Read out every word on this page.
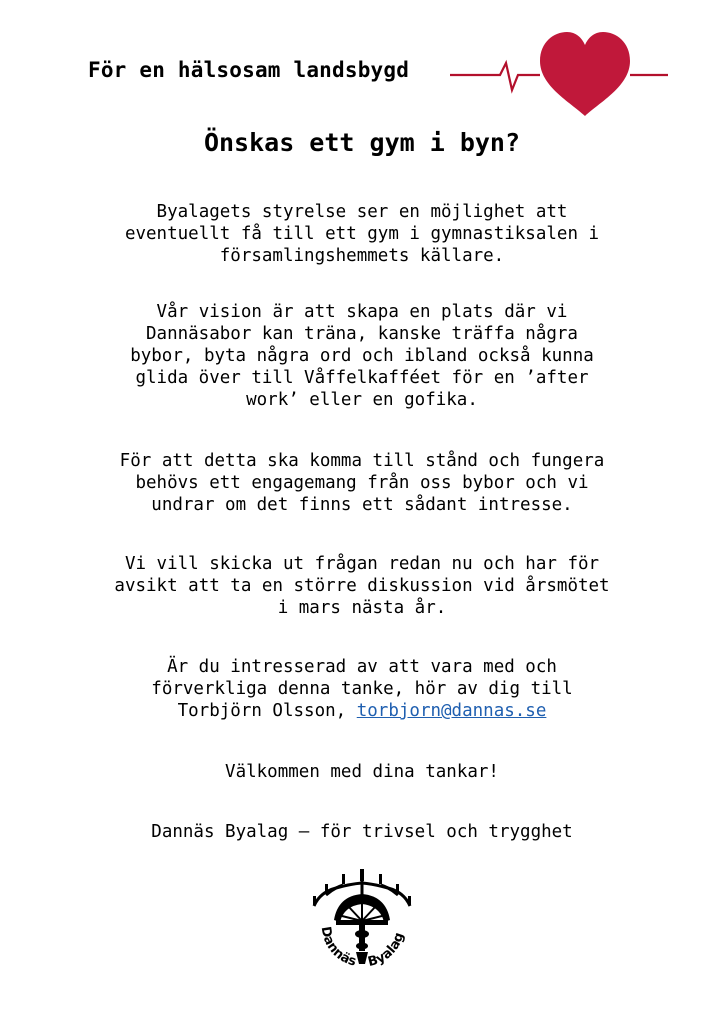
För en hälsosam landsbygd
Önskas ett gym i byn?
Byalagets styrelse ser en möjlighet att
eventuellt få till ett gym i gymnastiksalen i
församlingshemmets källare.
Vår vision är att skapa en plats där vi
Dannäsabor kan träna, kanske träffa några
bybor, byta några ord och ibland också kunna
glida över till Våffelkafféet för en ’after
work’ eller en gofika.
För att detta ska komma till stånd och fungera
behövs ett engagemang från oss bybor och vi
undrar om det finns ett sådant intresse.
Vi vill skicka ut frågan redan nu och har för
avsikt att ta en större diskussion vid årsmötet
i mars nästa år.
Är du intresserad av att vara med och
förverkliga denna tanke, hör av dig till
Torbjörn Olsson, torbjorn@dannas.se
Välkommen med dina tankar!
Dannäs Byalag – för trivsel och trygghet
Dannäs Byalag
